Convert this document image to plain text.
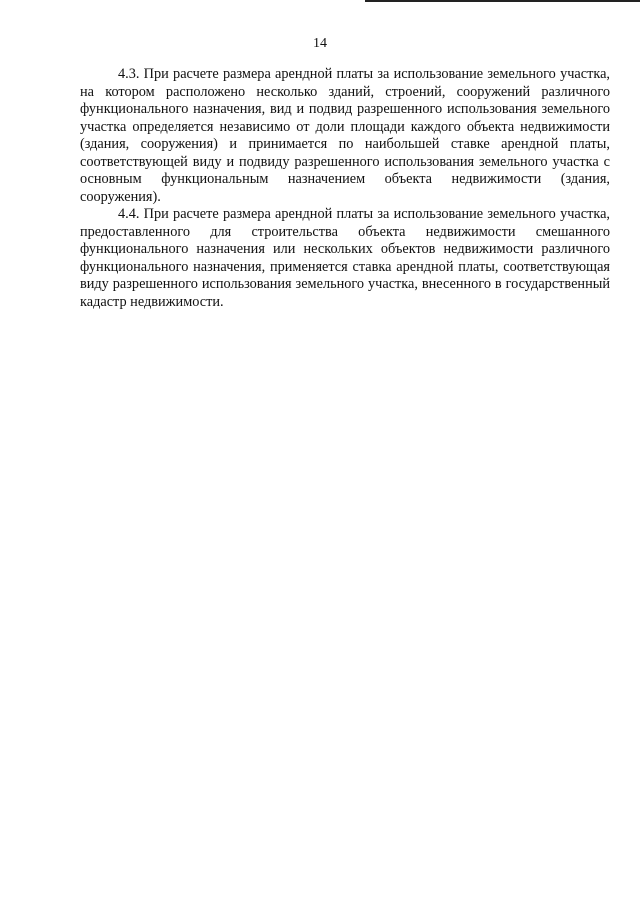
14

4.3. При расчете размера арендной платы за использование земельного участка, на котором расположено несколько зданий, строений, сооружений различного функционального назначения, вид и подвид разрешенного использования земельного участка определяется независимо от доли площади каждого объекта недвижимости (здания, сооружения) и принимается по наибольшей ставке арендной платы, соответствующей виду и подвиду разрешенного использования земельного участка с основным функциональным назначением объекта недвижимости (здания, сооружения).

4.4. При расчете размера арендной платы за использование земельного участка, предоставленного для строительства объекта недвижимости смешанного функционального назначения или нескольких объектов недвижимости различного функционального назначения, применяется ставка арендной платы, соответствующая виду разрешенного использования земельного участка, внесенного в государственный кадастр недвижимости.
